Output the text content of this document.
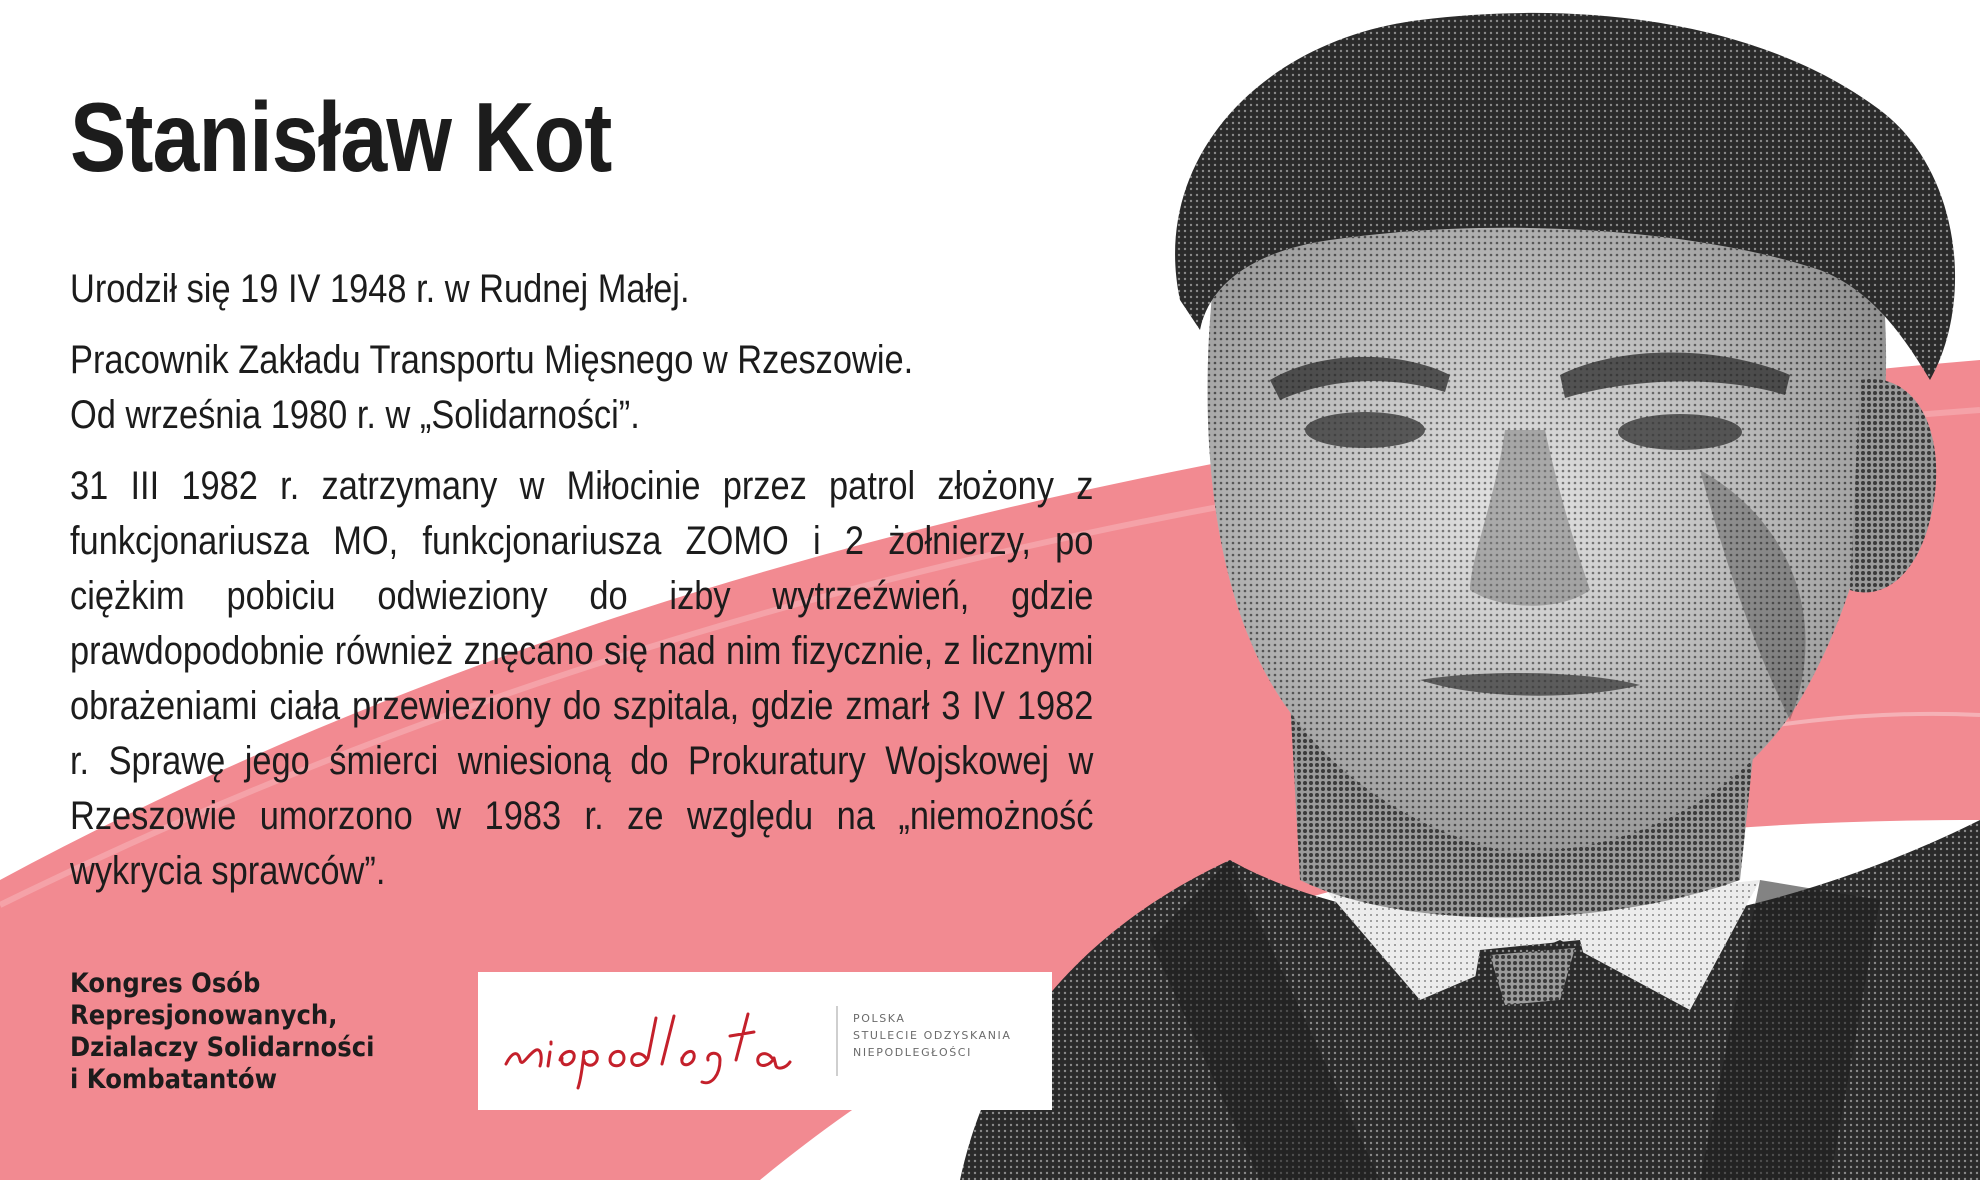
Stanisław Kot

Urodził się 19 IV 1948 r. w Rudnej Małej.

Pracownik Zakładu Transportu Mięsnego w Rzeszowie.
Od września 1980 r. w „Solidarności”.

31 III 1982 r. zatrzymany w Miłocinie przez patrol złożony z funkcjonariusza MO, funkcjonariusza ZOMO i 2 żołnierzy, po ciężkim pobiciu odwieziony do izby wytrzeźwień, gdzie prawdopodobnie również znęcano się nad nim fizycznie, z licznymi obrażeniami ciała przewieziony do szpitala, gdzie zmarł 3 IV 1982 r. Sprawę jego śmierci wniesioną do Prokuratury Wojskowej w Rzeszowie umorzono w 1983 r. ze względu na „niemożność wykrycia sprawców”.

Kongres Osób
Represjonowanych,
Dzialaczy Solidarności
i Kombatantów
POLSKA
STULECIE ODZYSKANIA
NIEPODLEGŁOŚCI
